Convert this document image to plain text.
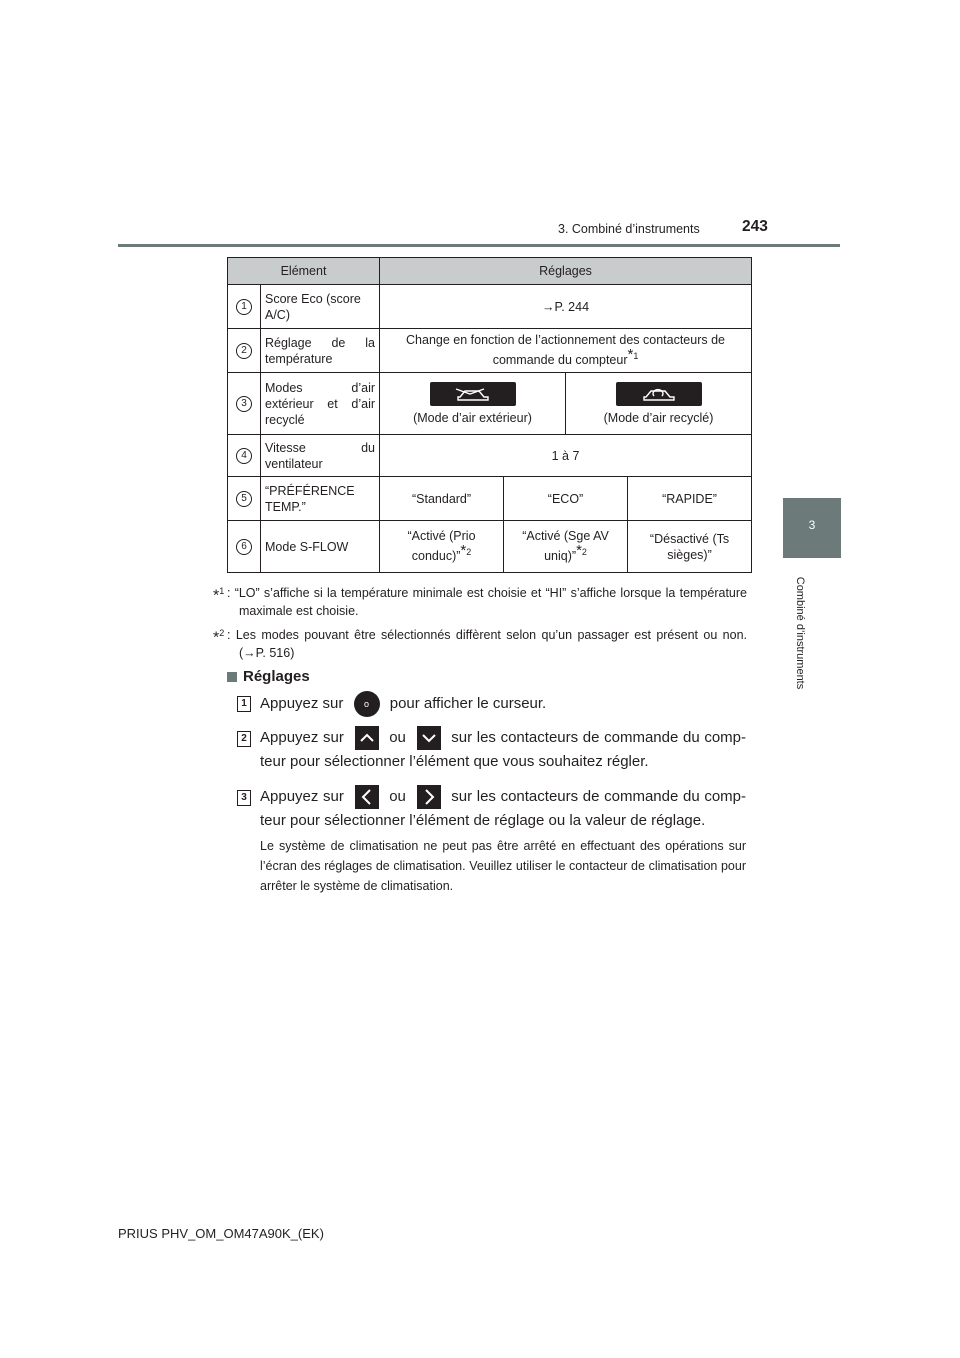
3. Combiné d’instruments	243
3
Combiné d’instruments
Elément		Réglages			
1	Score Eco (score A/C)	→P. 244			
2	Réglage de la température	Change en fonction de l’actionnement des contacteurs de commande du compteur*$^1$
3	Modes d’air extérieur et d’air recyclé	(Mode d’air extérieur)		(Mode d’air recyclé)	
4	Vitesse du ventilateur	1 à 7			
5	“PRÉFÉRENCE TEMP.”	“Standard”	“ECO”		“RAPIDE”
6	Mode S-FLOW	“Activé (Prio conduc)”*$^2$	“Activé (Sge AV uniq)”*$^2$		“Désactivé (Ts sièges)”
*$^1$ : “LO” s’affiche si la température minimale est choisie et “HI” s’affiche lorsque la température maximale est choisie.
*$^2$ : Les modes pouvant être sélectionnés diffèrent selon qu’un passager est présent ou non. (→P. 516)
Réglages
1 Appuyez sur o pour afficher le curseur.
2 Appuyez sur	ou	sur les contacteurs de commande du comp-
teur pour sélectionner l’élément que vous souhaitez régler.
3 Appuyez sur	ou	sur les contacteurs de commande du comp-
teur pour sélectionner l’élément de réglage ou la valeur de réglage.
Le système de climatisation ne peut pas être arrêté en effectuant des opérations sur l’écran des réglages de climatisation. Veuillez utiliser le contacteur de climatisation pour arrêter le système de climatisation.
PRIUS PHV_OM_OM47A90K_(EK)
